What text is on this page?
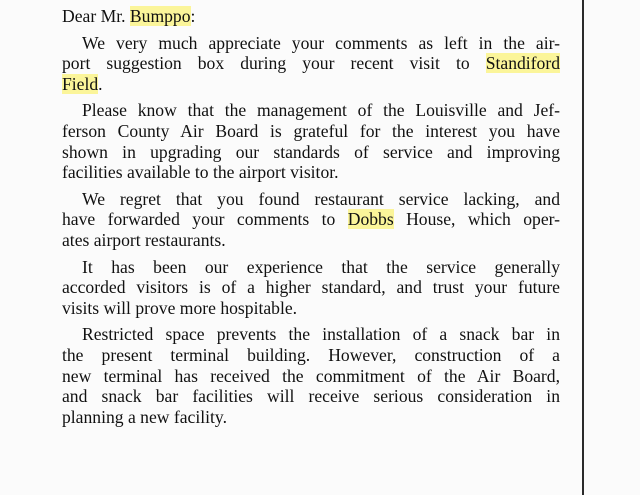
Dear Mr. Bumppo:
We very much appreciate your comments as left in the air-
port suggestion box during your recent visit to Standiford
Field.
Please know that the management of the Louisville and Jef-
ferson County Air Board is grateful for the interest you have
shown in upgrading our standards of service and improving
facilities available to the airport visitor.
We regret that you found restaurant service lacking, and
have forwarded your comments to Dobbs House, which oper-
ates airport restaurants.
It has been our experience that the service generally
accorded visitors is of a higher standard, and trust your future
visits will prove more hospitable.
Restricted space prevents the installation of a snack bar in
the present terminal building. However, construction of a
new terminal has received the commitment of the Air Board,
and snack bar facilities will receive serious consideration in
planning a new facility.
